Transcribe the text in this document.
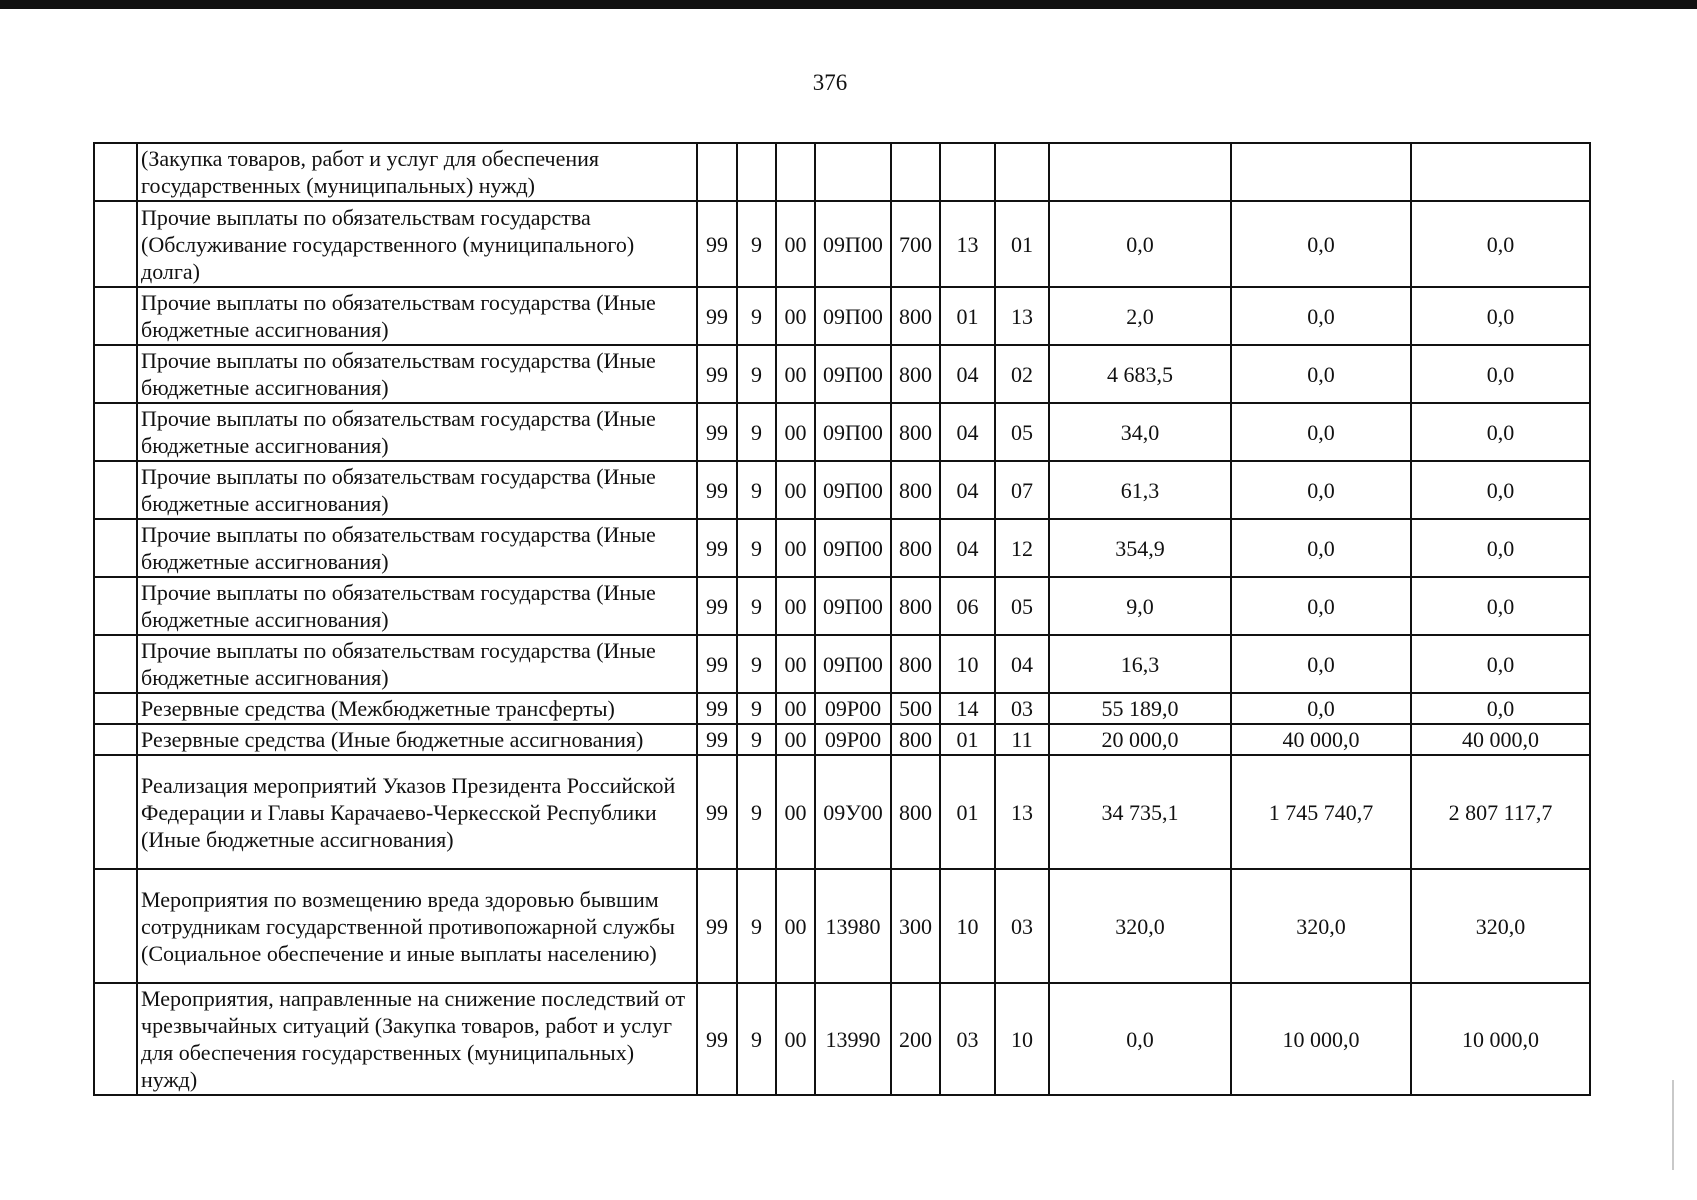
376
	(Закупка товаров, работ и услуг для обеспечения государственных (муниципальных) нужд)										
	Прочие выплаты по обязательствам государства (Обслуживание государственного (муниципального) долга)	99	9	00	09П00	700	13	01	0,0	0,0	0,0
	Прочие выплаты по обязательствам государства (Иные бюджетные ассигнования)	99	9	00	09П00	800	01	13	2,0	0,0	0,0
	Прочие выплаты по обязательствам государства (Иные бюджетные ассигнования)	99	9	00	09П00	800	04	02	4 683,5	0,0	0,0
	Прочие выплаты по обязательствам государства (Иные бюджетные ассигнования)	99	9	00	09П00	800	04	05	34,0	0,0	0,0
	Прочие выплаты по обязательствам государства (Иные бюджетные ассигнования)	99	9	00	09П00	800	04	07	61,3	0,0	0,0
	Прочие выплаты по обязательствам государства (Иные бюджетные ассигнования)	99	9	00	09П00	800	04	12	354,9	0,0	0,0
	Прочие выплаты по обязательствам государства (Иные бюджетные ассигнования)	99	9	00	09П00	800	06	05	9,0	0,0	0,0
	Прочие выплаты по обязательствам государства (Иные бюджетные ассигнования)	99	9	00	09П00	800	10	04	16,3	0,0	0,0
	Резервные средства (Межбюджетные трансферты)	99	9	00	09Р00	500	14	03	55 189,0	0,0	0,0
	Резервные средства (Иные бюджетные ассигнования)	99	9	00	09Р00	800	01	11	20 000,0	40 000,0	40 000,0
	Реализация мероприятий Указов Президента Российской Федерации и Главы Карачаево-Черкесской Республики (Иные бюджетные ассигнования)	99	9	00	09У00	800	01	13	34 735,1	1 745 740,7	2 807 117,7
	Мероприятия по возмещению вреда здоровью бывшим сотрудникам государственной противопожарной службы (Социальное обеспечение и иные выплаты населению)	99	9	00	13980	300	10	03	320,0	320,0	320,0
	Мероприятия, направленные на снижение последствий от чрезвычайных ситуаций (Закупка товаров, работ и услуг для обеспечения государственных (муниципальных) нужд)	99	9	00	13990	200	03	10	0,0	10 000,0	10 000,0
